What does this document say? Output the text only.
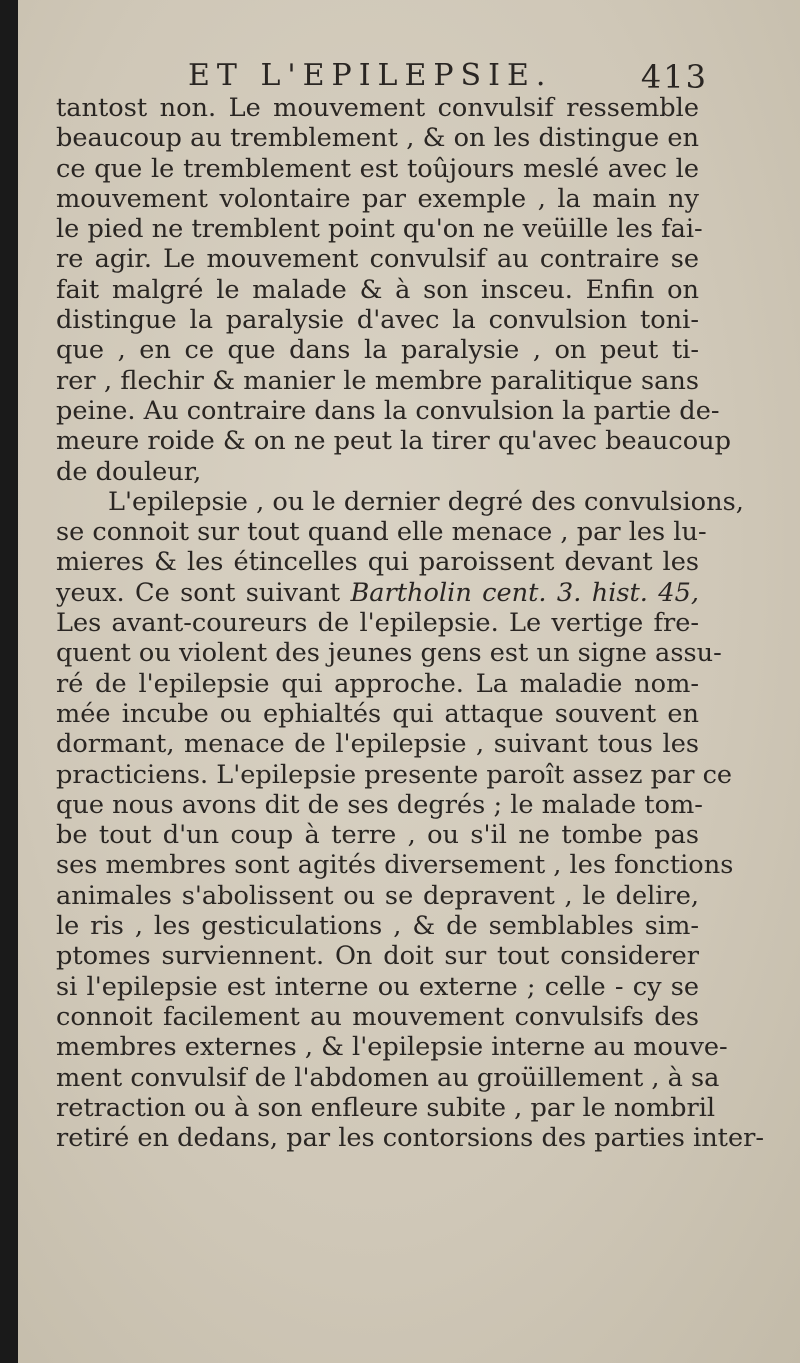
ET L'EPILEPSIE.	413
tantost non. Le mouvement convulsif ressemble
beaucoup au tremblement , & on les distingue en
ce que le tremblement est toûjours meslé avec le
mouvement volontaire par exemple , la main ny
le pied ne tremblent point qu'on ne veüille les fai-
re agir. Le mouvement convulsif au contraire se
fait malgré le malade & à son insceu. Enfin on
distingue la paralysie d'avec la convulsion toni-
que , en ce que dans la paralysie , on peut ti-
rer , flechir & manier le membre paralitique sans
peine. Au contraire dans la convulsion la partie de-
meure roide & on ne peut la tirer qu'avec beaucoup
de douleur,
L'epilepsie , ou le dernier degré des convulsions,
se connoit sur tout quand elle menace , par les lu-
mieres & les étincelles qui paroissent devant les
yeux. Ce sont suivant Bartholin cent. 3. hist. 45,
Les avant-coureurs de l'epilepsie. Le vertige fre-
quent ou violent des jeunes gens est un signe assu-
ré de l'epilepsie qui approche. La maladie nom-
mée incube ou ephialtés qui attaque souvent en
dormant, menace de l'epilepsie , suivant tous les
practiciens. L'epilepsie presente paroît assez par ce
que nous avons dit de ses degrés ; le malade tom-
be tout d'un coup à terre , ou s'il ne tombe pas
ses membres sont agités diversement , les fonctions
animales s'abolissent ou se depravent , le delire,
le ris , les gesticulations , & de semblables sim-
ptomes surviennent. On doit sur tout considerer
si l'epilepsie est interne ou externe ; celle - cy se
connoit facilement au mouvement convulsifs des
membres externes , & l'epilepsie interne au mouve-
ment convulsif de l'abdomen au groüillement , à sa
retraction ou à son enfleure subite , par le nombril
retiré en dedans, par les contorsions des parties inter-
